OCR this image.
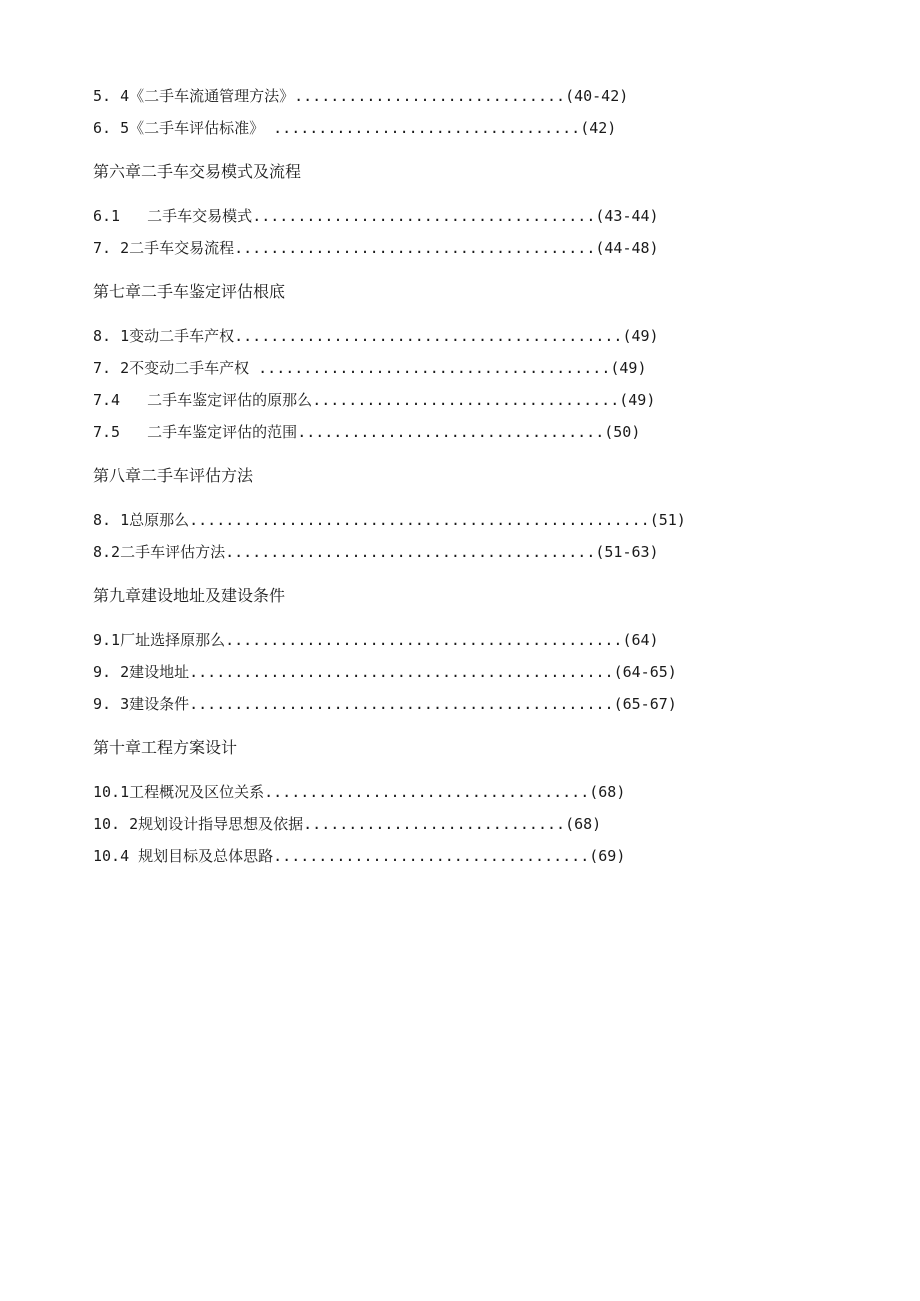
5. 4《二手车流通管理方法》..............................(40-42)
6. 5《二手车评估标准》 ..................................(42)
第六章二手车交易模式及流程
6.1   二手车交易模式......................................(43-44)
7. 2二手车交易流程........................................(44-48)
第七章二手车鉴定评估根底
8. 1变动二手车产权...........................................(49)
7. 2不变动二手车产权 .......................................(49)
7.4   二手车鉴定评估的原那么..................................(49)
7.5   二手车鉴定评估的范围..................................(50)
第八章二手车评估方法
8. 1总原那么...................................................(51)
8.2二手车评估方法.........................................(51-63)
第九章建设地址及建设条件
9.1厂址选择原那么............................................(64)
9. 2建设地址...............................................(64-65)
9. 3建设条件...............................................(65-67)
第十章工程方案设计
10.1工程概况及区位关系....................................(68)
10. 2规划设计指导思想及依据.............................(68)
10.4 规划目标及总体思路...................................(69)
